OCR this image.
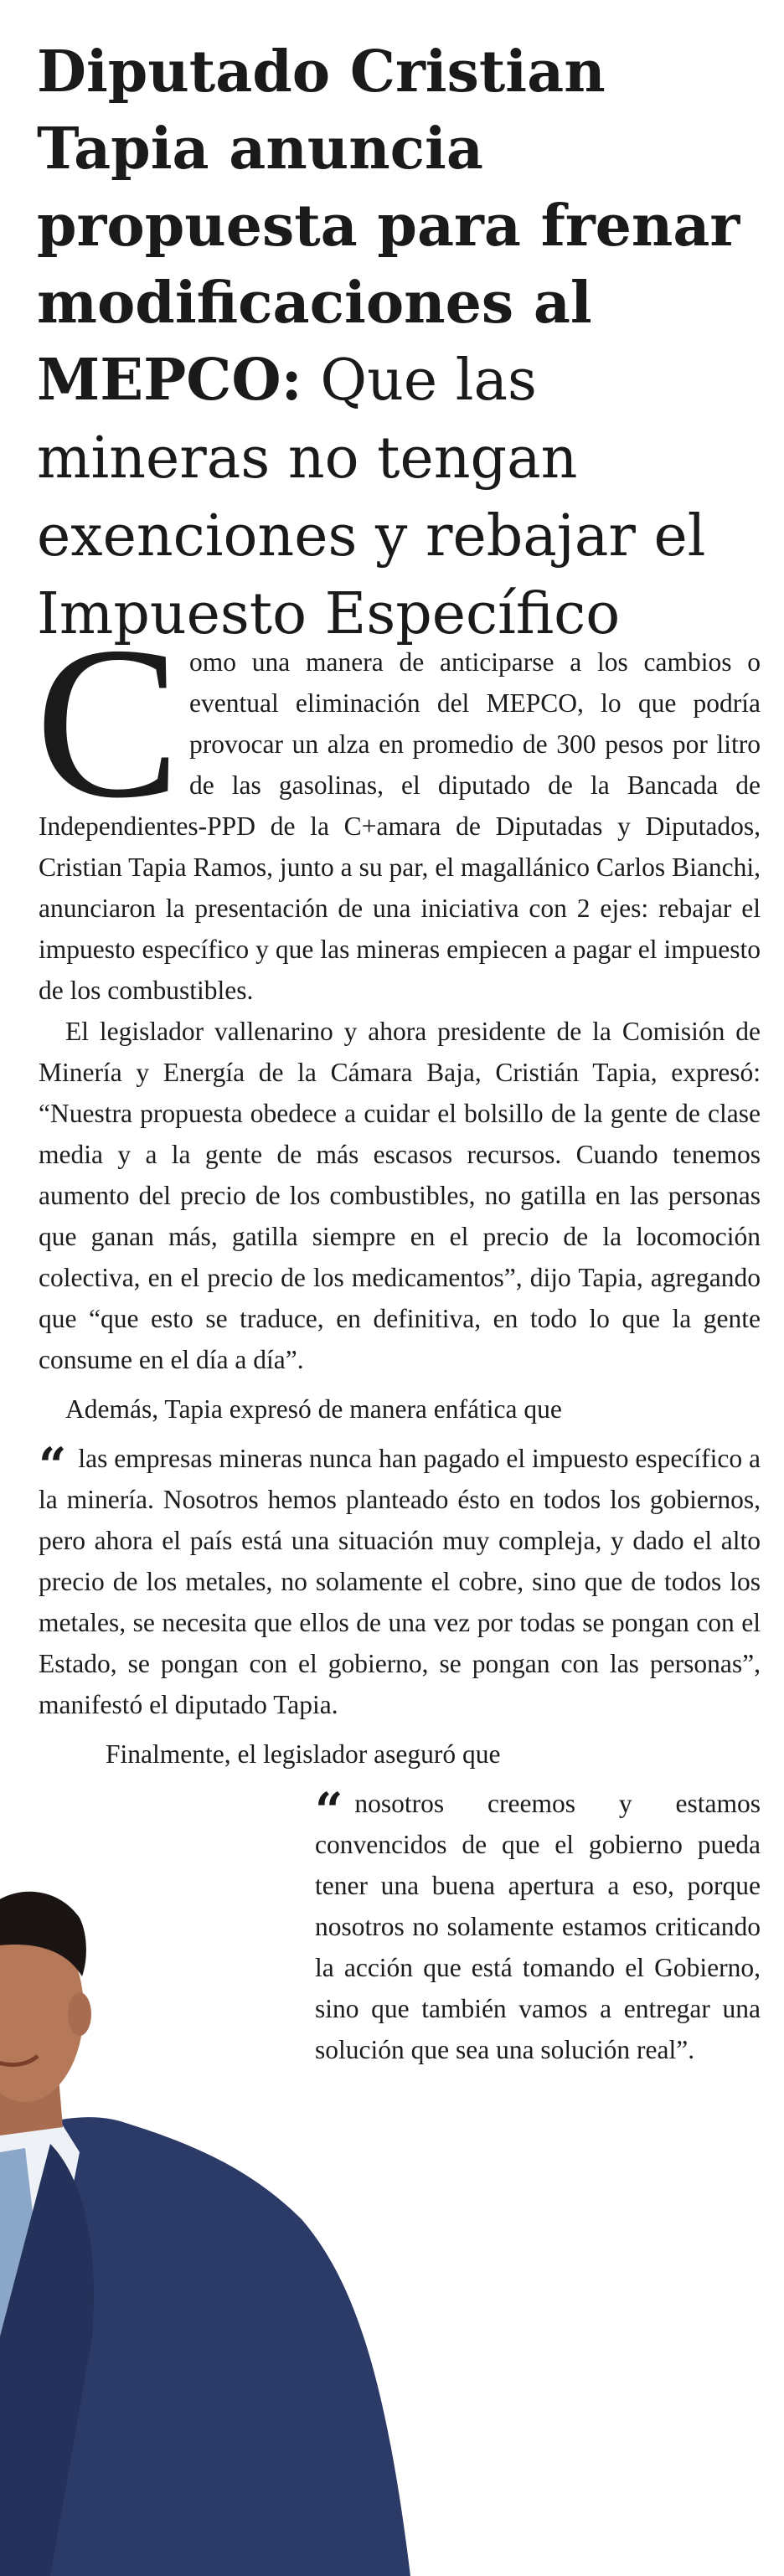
Diputado Cristian Tapia anuncia propuesta para frenar modificaciones al MEPCO: Que las mineras no tengan exenciones y rebajar el Impuesto Específico
C omo una manera de anticiparse a los cambios o eventual eliminación del MEPCO, lo que podría provocar un alza en promedio de 300 pesos por litro de las gasolinas, el diputado de la Bancada de Independientes-PPD de la C+amara de Diputadas y Diputados, Cristian Tapia Ramos, junto a su par, el magallánico Carlos Bianchi, anunciaron la presentación de una iniciativa con 2 ejes: rebajar el impuesto específico y que las mineras empiecen a pagar el impuesto de los combustibles.

El legislador vallenarino y ahora presidente de la Comisión de Minería y Energía de la Cámara Baja, Cristián Tapia, expresó: “Nuestra propuesta obedece a cuidar el bolsillo de la gente de clase media y a la gente de más escasos recursos. Cuando tenemos aumento del precio de los combustibles, no gatilla en las personas que ganan más, gatilla siempre en el precio de la locomoción colectiva, en el precio de los medicamentos”, dijo Tapia, agregando que “que esto se traduce, en definitiva, en todo lo que la gente consume en el día a día”.

Además, Tapia expresó de manera enfática que

“ las empresas mineras nunca han pagado el impuesto específico a la minería. Nosotros hemos planteado ésto en todos los gobiernos, pero ahora el país está una situación muy compleja, y dado el alto precio de los metales, no solamente el cobre, sino que de todos los metales, se necesita que ellos de una vez por todas se pongan con el Estado, se pongan con el gobierno, se pongan con las personas”, manifestó el diputado Tapia.

Finalmente, el legislador aseguró que

“ nosotros creemos y estamos convencidos de que el gobierno pueda tener una buena apertura a eso, porque nosotros no solamente estamos criticando la acción que está tomando el Gobierno, sino que también vamos a entregar una solución que sea una solución real”.
